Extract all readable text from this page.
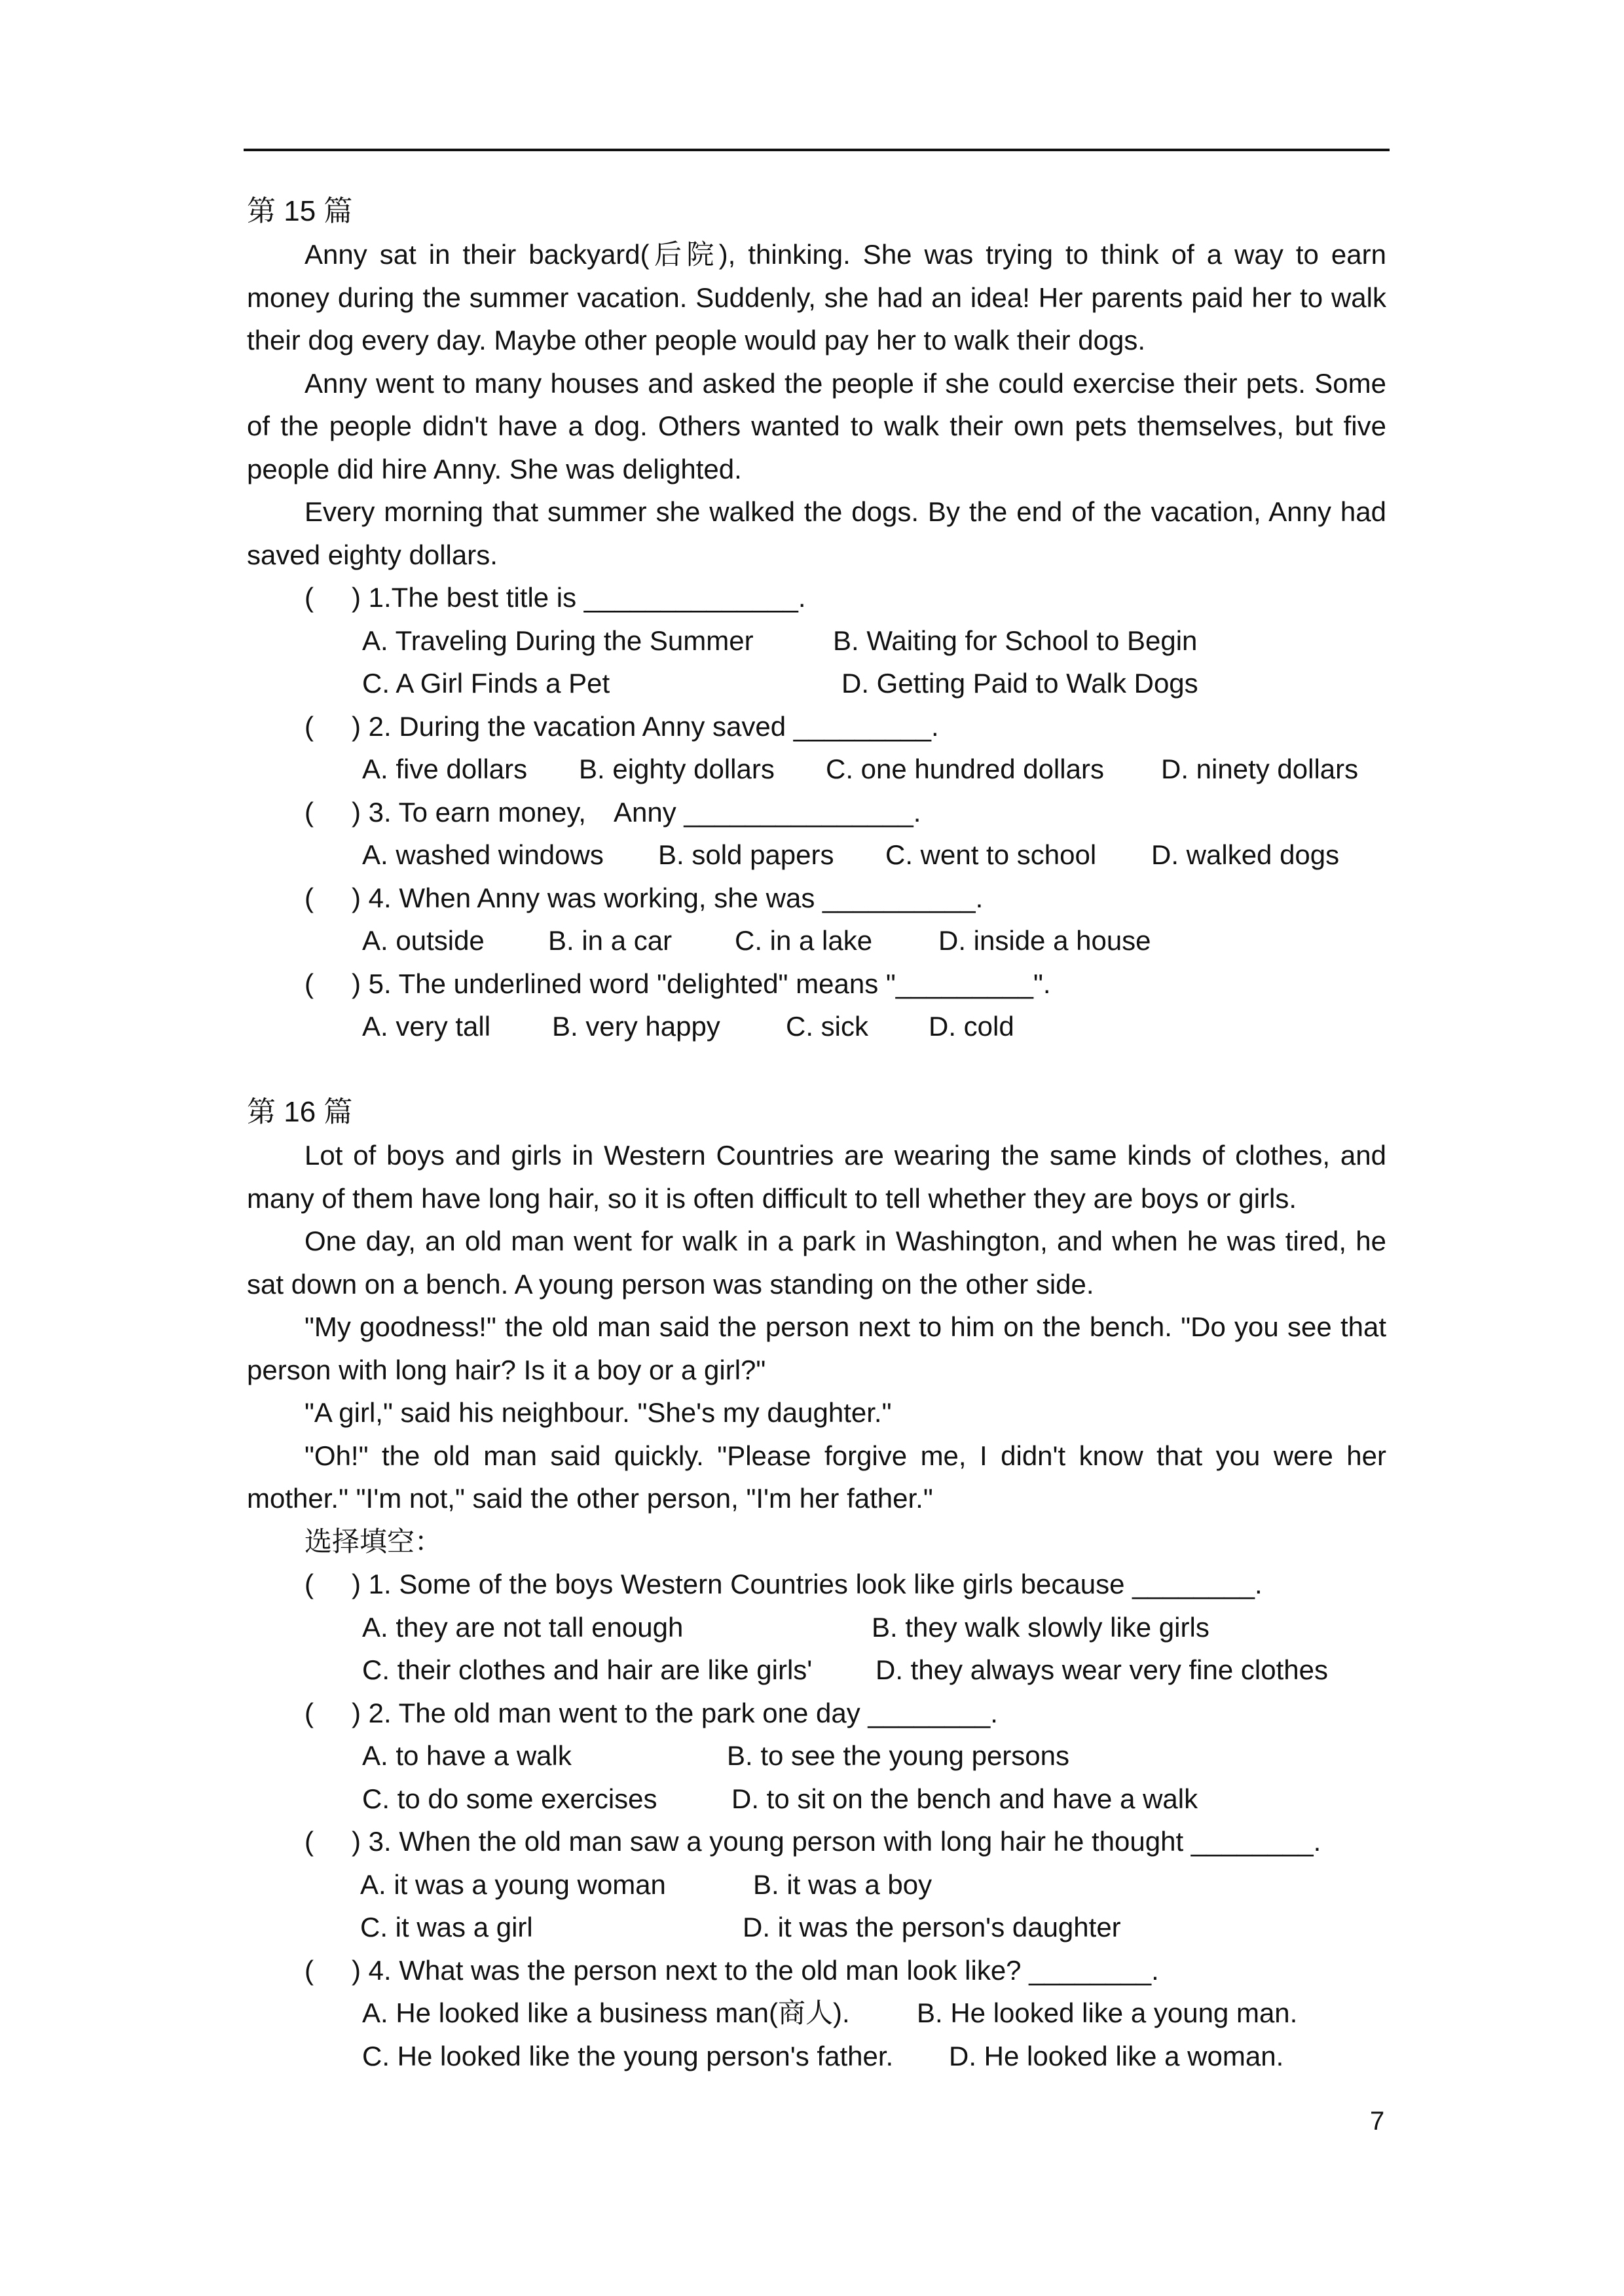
第 15 篇
Anny sat in their backyard(后院), thinking. She was trying to think of a way to earn money during the summer vacation. Suddenly, she had an idea! Her parents paid her to walk their dog every day. Maybe other people would pay her to walk their dogs.
Anny went to many houses and asked the people if she could exercise their pets. Some of the people didn't have a dog. Others wanted to walk their own pets themselves, but five people did hire Anny. She was delighted.
Every morning that summer she walked the dogs. By the end of the vacation, Anny had saved eighty dollars.
( ) 1.The best title is ______________.
A. Traveling During the Summer	B. Waiting for School to Begin
C. A Girl Finds a Pet	D. Getting Paid to Walk Dogs
( ) 2. During the vacation Anny saved _________.
A. five dollars B. eighty dollars C. one hundred dollars D. ninety dollars
( ) 3. To earn money,　Anny _______________.
A. washed windows B. sold papers C. went to school D. walked dogs
( ) 4. When Anny was working, she was __________.
A. outside B. in a car C. in a lake D. inside a house
( ) 5. The underlined word "delighted" means "_________".
A. very tall B. very happy C. sick D. cold
第 16 篇
Lot of boys and girls in Western Countries are wearing the same kinds of clothes, and many of them have long hair, so it is often difficult to tell whether they are boys or girls.
One day, an old man went for walk in a park in Washington, and when he was tired, he sat down on a bench. A young person was standing on the other side.
"My goodness!" the old man said the person next to him on the bench. "Do you see that person with long hair? Is it a boy or a girl?"
"A girl," said his neighbour. "She's my daughter."
"Oh!" the old man said quickly. "Please forgive me, I didn't know that you were her mother." "I'm not," said the other person, "I'm her father."
选择填空：
( ) 1. Some of the boys Western Countries look like girls because ________.
A. they are not tall enough	B. they walk slowly like girls
C. their clothes and hair are like girls' D. they always wear very fine clothes
( ) 2. The old man went to the park one day ________.
A. to have a walk	B. to see the young persons
C. to do some exercises	D. to sit on the bench and have a walk
( ) 3. When the old man saw a young person with long hair he thought ________.
A. it was a young woman	B. it was a boy
C. it was a girl	D. it was the person's daughter
( ) 4. What was the person next to the old man look like? ________.
A. He looked like a business man(商人). B. He looked like a young man.
C. He looked like the young person's father. D. He looked like a woman.
7
